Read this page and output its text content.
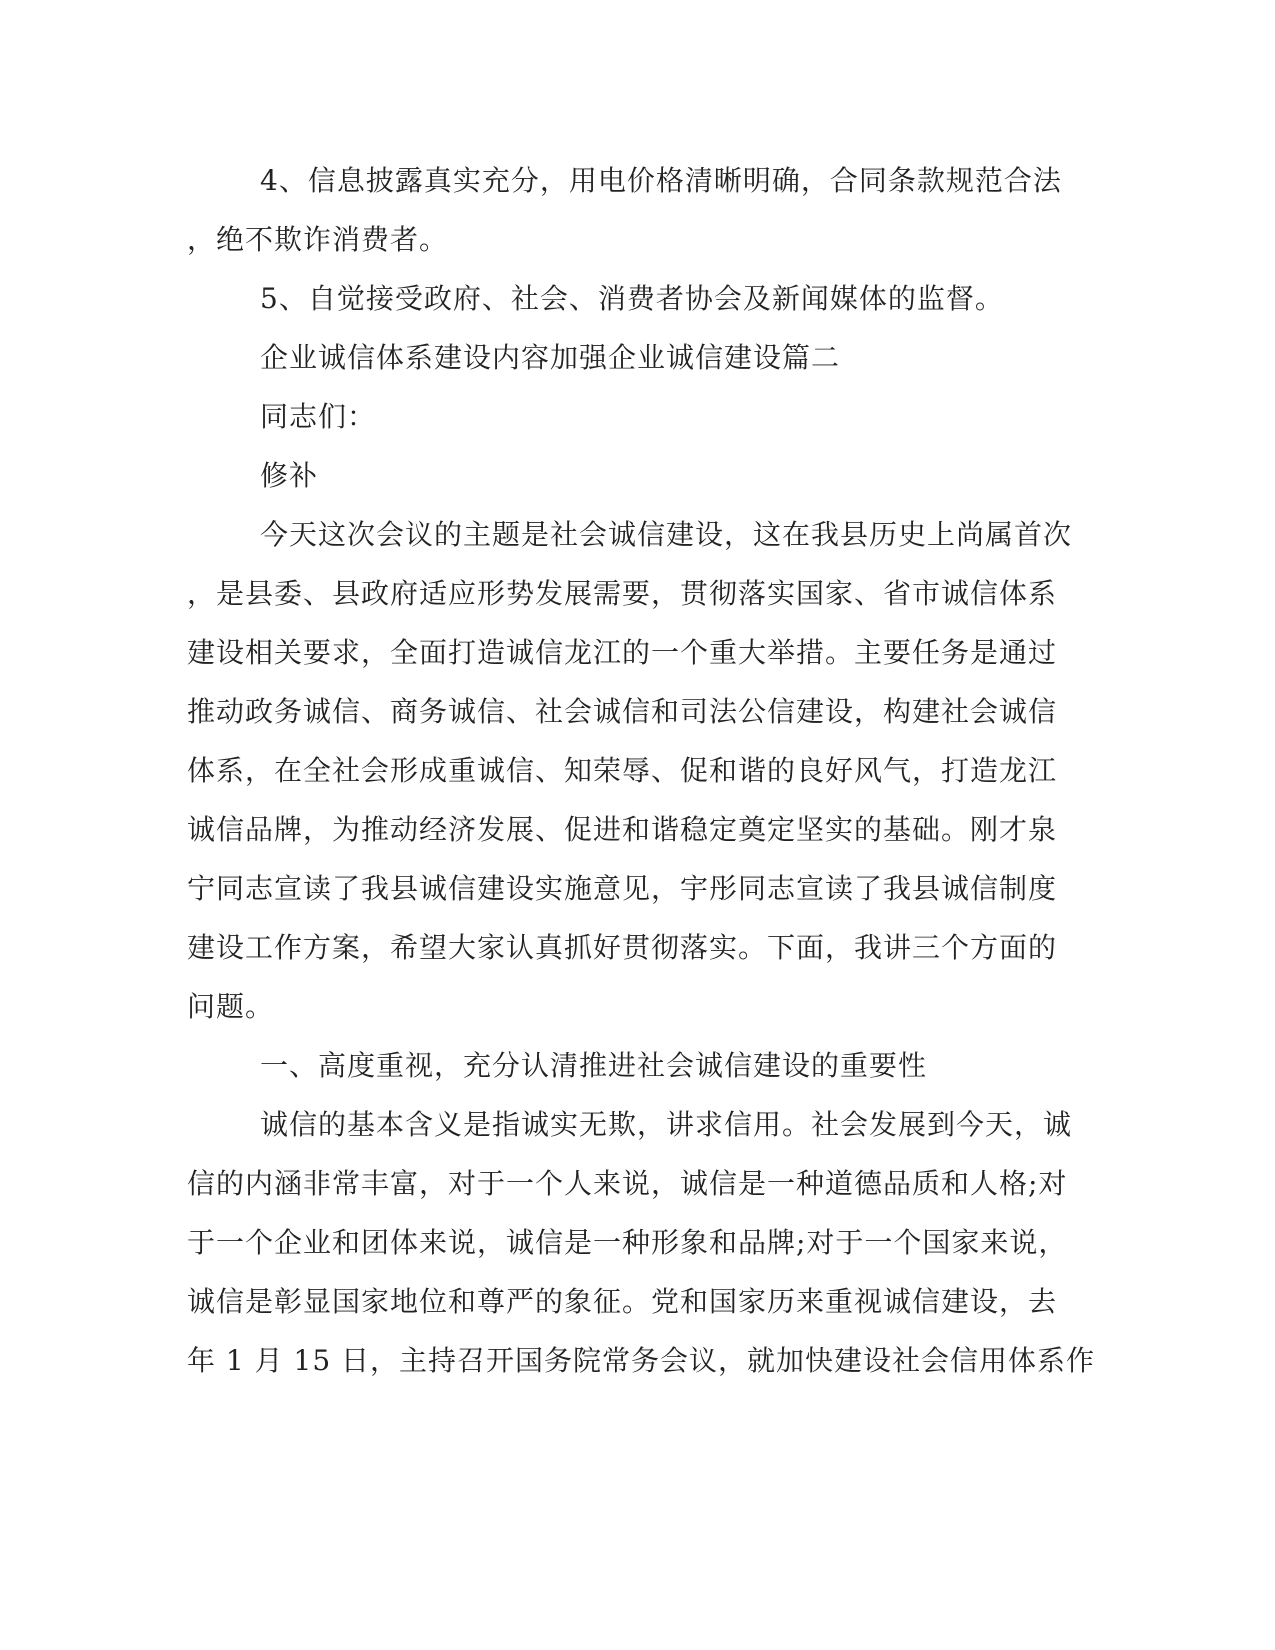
4、信息披露真实充分，用电价格清晰明确，合同条款规范合法
，绝不欺诈消费者。
5、自觉接受政府、社会、消费者协会及新闻媒体的监督。
企业诚信体系建设内容加强企业诚信建设篇二
同志们：
修补
今天这次会议的主题是社会诚信建设，这在我县历史上尚属首次
，是县委、县政府适应形势发展需要，贯彻落实国家、省市诚信体系
建设相关要求，全面打造诚信龙江的一个重大举措。主要任务是通过
推动政务诚信、商务诚信、社会诚信和司法公信建设，构建社会诚信
体系，在全社会形成重诚信、知荣辱、促和谐的良好风气，打造龙江
诚信品牌，为推动经济发展、促进和谐稳定奠定坚实的基础。刚才泉
宁同志宣读了我县诚信建设实施意见，宇彤同志宣读了我县诚信制度
建设工作方案，希望大家认真抓好贯彻落实。下面，我讲三个方面的
问题。
一、高度重视，充分认清推进社会诚信建设的重要性
诚信的基本含义是指诚实无欺，讲求信用。社会发展到今天，诚
信的内涵非常丰富，对于一个人来说，诚信是一种道德品质和人格;对
于一个企业和团体来说，诚信是一种形象和品牌;对于一个国家来说，
诚信是彰显国家地位和尊严的象征。党和国家历来重视诚信建设，去
年 1 月 15 日，主持召开国务院常务会议，就加快建设社会信用体系作
